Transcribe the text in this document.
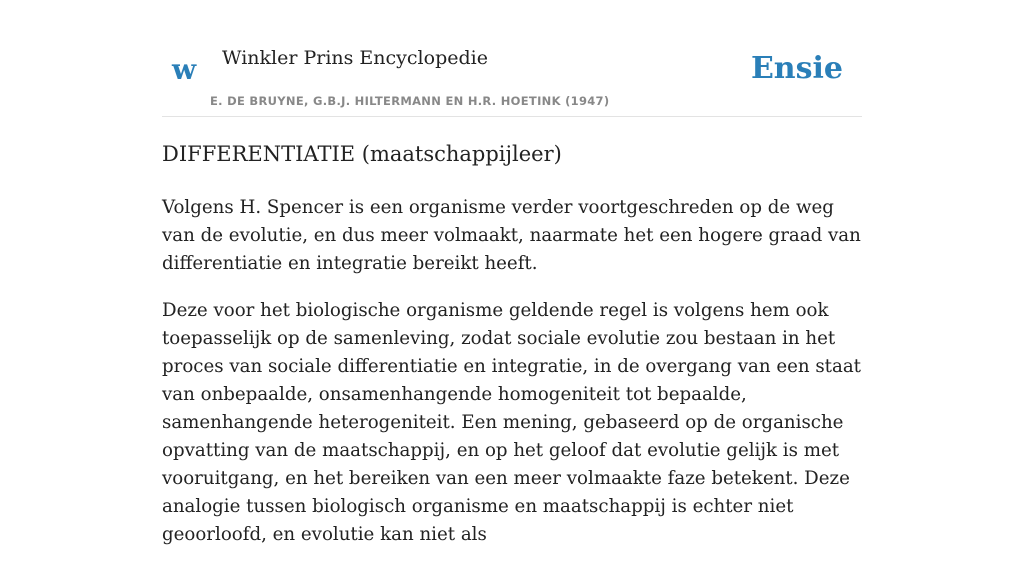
w Winkler Prins Encyclopedie
E. DE BRUYNE, G.B.J. HILTERMANN EN H.R. HOETINK (1947)
Ensie
DIFFERENTIATIE (maatschappijleer)

Volgens H. Spencer is een organisme verder voortgeschreden op de weg van de evolutie, en dus meer volmaakt, naarmate het een hogere graad van differentiatie en integratie bereikt heeft.

Deze voor het biologische organisme geldende regel is volgens hem ook toepasselijk op de samenleving, zodat sociale evolutie zou bestaan in het proces van sociale differentiatie en integratie, in de overgang van een staat van onbepaalde, onsamenhangende homogeniteit tot bepaalde, samenhangende heterogeniteit. Een mening, gebaseerd op de organische opvatting van de maatschappij, en op het geloof dat evolutie gelijk is met vooruitgang, en het bereiken van een meer volmaakte faze betekent. Deze analogie tussen biologisch organisme en maatschappij is echter niet geoorloofd, en evolutie kan niet als
